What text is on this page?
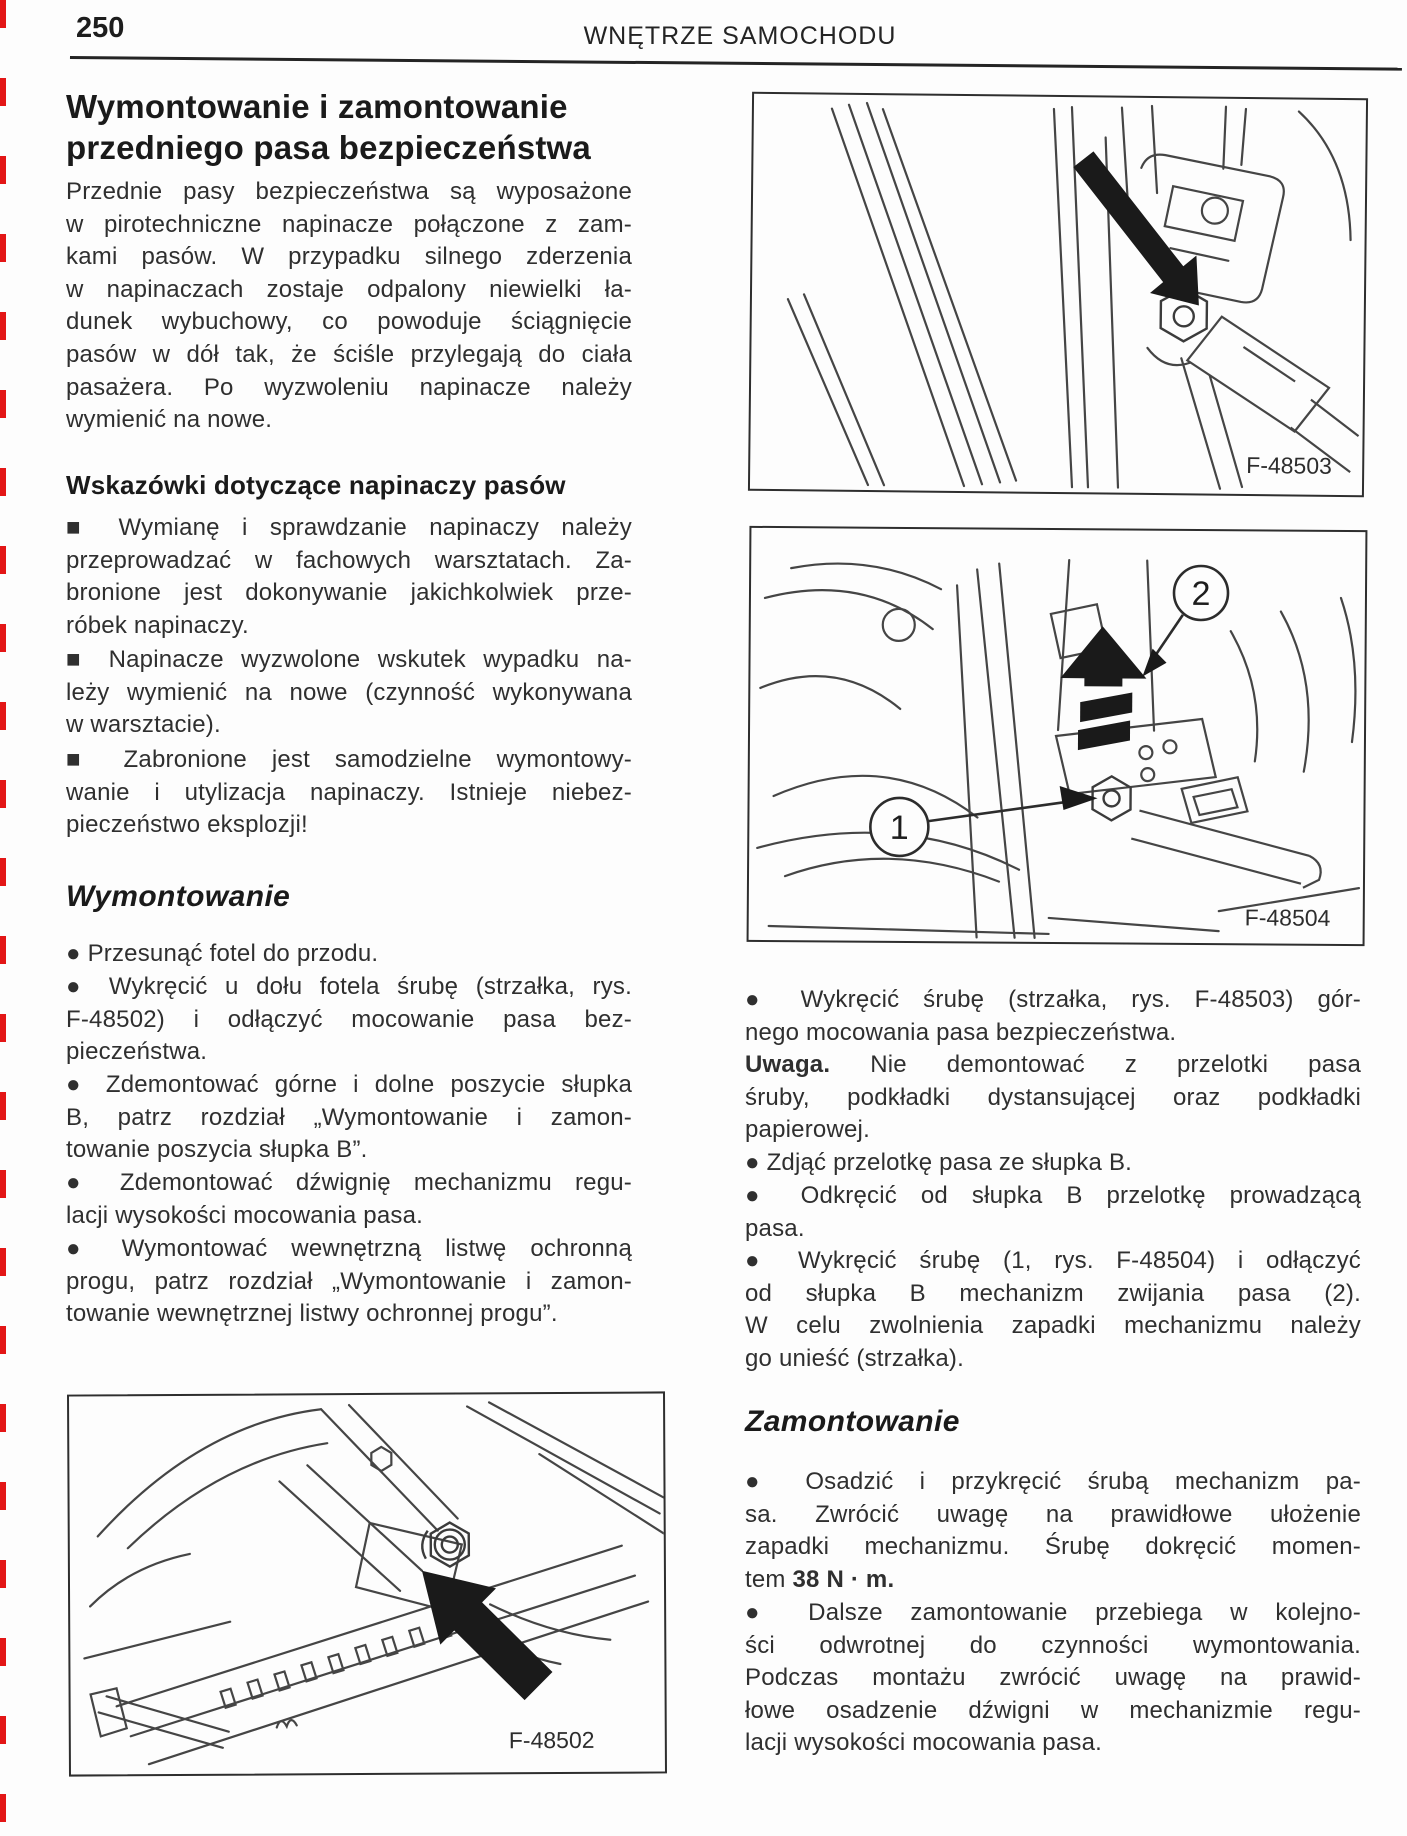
250	WNĘTRZE SAMOCHODU
Wymontowanie i zamontowanie
przedniego pasa bezpieczeństwa
Przednie pasy bezpieczeństwa są wyposażone
w pirotechniczne napinacze połączone z zam-
kami pasów. W przypadku silnego zderzenia
w napinaczach zostaje odpalony niewielki ła-
dunek wybuchowy, co powoduje ściągnięcie
pasów w dół tak, że ściśle przylegają do ciała
pasażera. Po wyzwoleniu napinacze należy
wymienić na nowe.
Wskazówki dotyczące napinaczy pasów
■ Wymianę i sprawdzanie napinaczy należy
przeprowadzać w fachowych warsztatach. Za-
bronione jest dokonywanie jakichkolwiek prze-
róbek napinaczy.
■ Napinacze wyzwolone wskutek wypadku na-
leży wymienić na nowe (czynność wykonywana
w warsztacie).
■ Zabronione jest samodzielne wymontowy-
wanie i utylizacja napinaczy. Istnieje niebez-
pieczeństwo eksplozji!
Wymontowanie
● Przesunąć fotel do przodu.
● Wykręcić u dołu fotela śrubę (strzałka, rys.
F-48502) i odłączyć mocowanie pasa bez-
pieczeństwa.
● Zdemontować górne i dolne poszycie słupka
B, patrz rozdział „Wymontowanie i zamon-
towanie poszycia słupka B”.
● Zdemontować dźwignię mechanizmu regu-
lacji wysokości mocowania pasa.
● Wymontować wewnętrzną listwę ochronną
progu, patrz rozdział „Wymontowanie i zamon-
towanie wewnętrznej listwy ochronnej progu”.
F-48502
F-48503
2
1
F-48504
● Wykręcić śrubę (strzałka, rys. F-48503) gór-
nego mocowania pasa bezpieczeństwa.
Uwaga. Nie demontować z przelotki pasa
śruby, podkładki dystansującej oraz podkładki
papierowej.
● Zdjąć przelotkę pasa ze słupka B.
● Odkręcić od słupka B przelotkę prowadzącą
pasa.
● Wykręcić śrubę (1, rys. F-48504) i odłączyć
od słupka B mechanizm zwijania pasa (2).
W celu zwolnienia zapadki mechanizmu należy
go unieść (strzałka).
Zamontowanie
● Osadzić i przykręcić śrubą mechanizm pa-
sa. Zwrócić uwagę na prawidłowe ułożenie
zapadki mechanizmu. Śrubę dokręcić momen-
tem 38 N · m.
● Dalsze zamontowanie przebiega w kolejno-
ści odwrotnej do czynności wymontowania.
Podczas montażu zwrócić uwagę na prawid-
łowe osadzenie dźwigni w mechanizmie regu-
lacji wysokości mocowania pasa.
